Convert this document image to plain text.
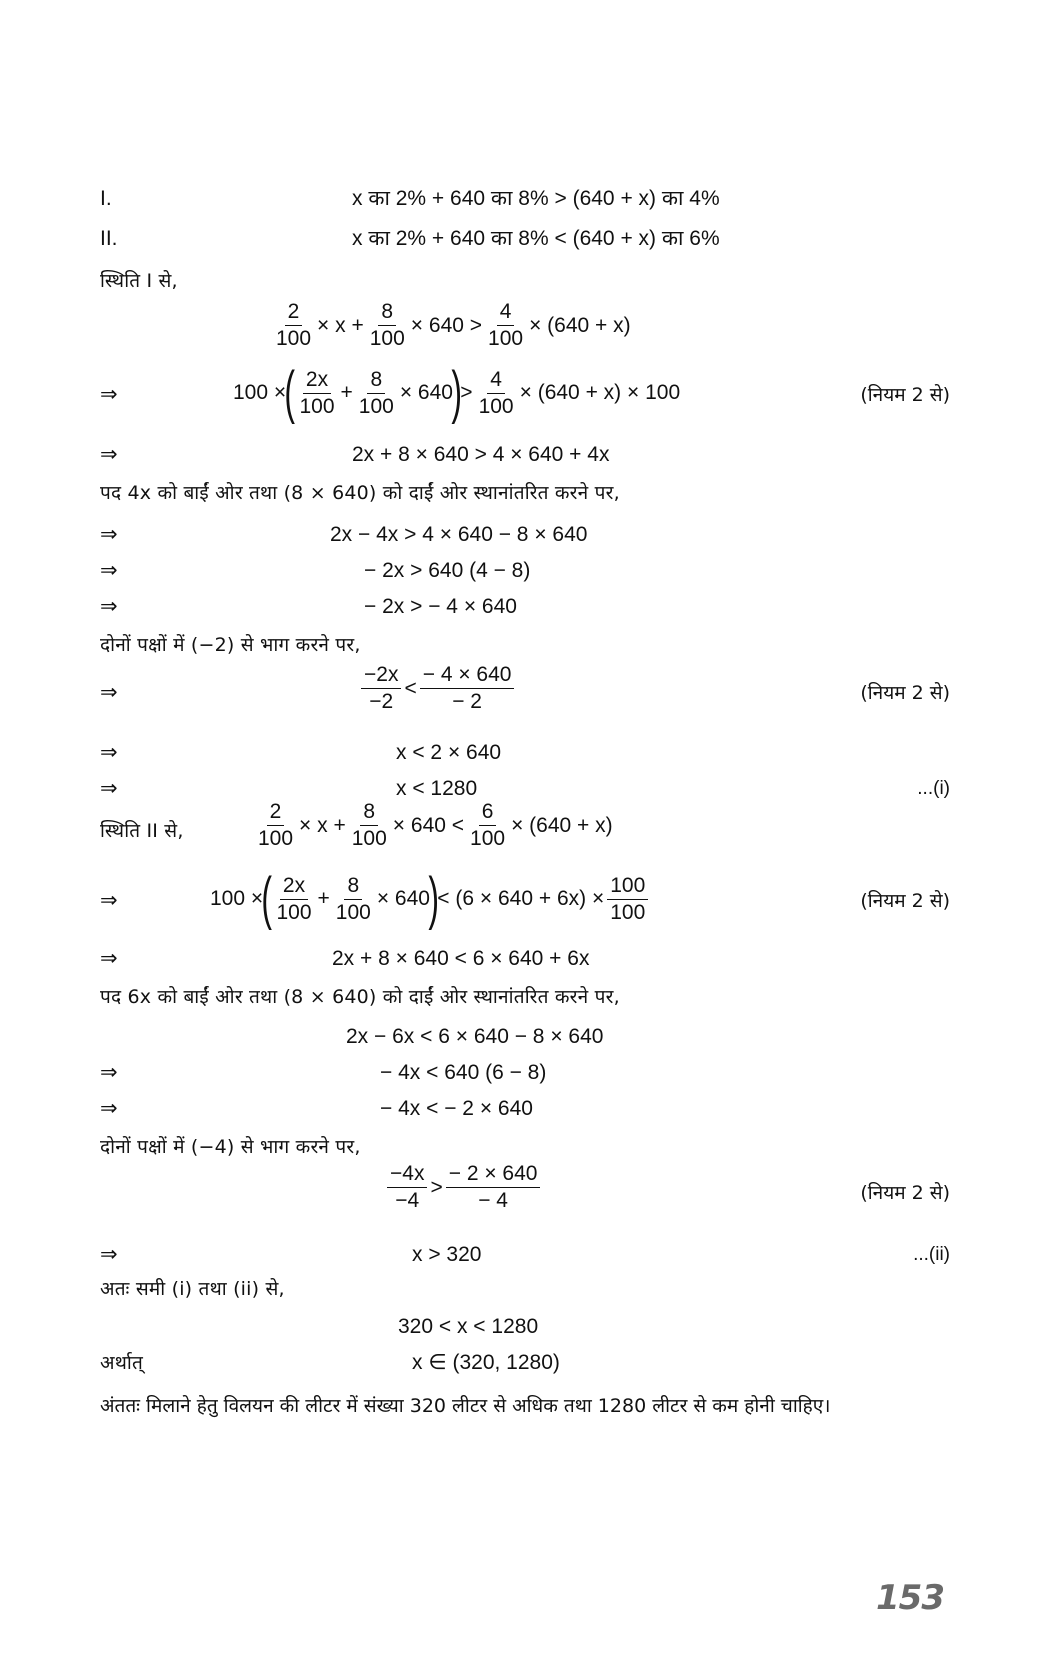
I.	x का 2% + 640 का 8% > (640 + x) का 4%
II.	x का 2% + 640 का 8% < (640 + x) का 6%
स्थिति I से,
$\frac{2}{100} \times x + \frac{8}{100} \times 640 > \frac{4}{100} \times (640 + x)$
⇒	100 ×
( $\frac{2x}{100} + \frac{8}{100} \times 640$
)
> $\frac{4}{100} \times (640 + x) \times 100$	(नियम 2 से)
⇒	2x + 8 × 640 > 4 × 640 + 4x
पद 4x को बाईं ओर तथा (8 × 640) को दाईं ओर स्थानांतरित करने पर,
⇒	2x − 4x > 4 × 640 − 8 × 640
⇒	− 2x > 640 (4 − 8)
⇒	− 2x > − 4 × 640
दोनों पक्षों में (−2) से भाग करने पर,
⇒	$\frac{-2x}{-2} < \frac{- 4 \times 640}{- 2}$	(नियम 2 से)
⇒	x < 2 × 640
⇒	x < 1280	...(i)
स्थिति II से,	$\frac{2}{100} \times x + \frac{8}{100} \times 640 < \frac{6}{100} \times (640 + x)$
⇒	100 ×
( $\frac{2x}{100} + \frac{8}{100} \times 640$
)
< $(6 \times 640 + 6x) \times \frac{100}{100}$	(नियम 2 से)
⇒	2x + 8 × 640 < 6 × 640 + 6x
पद 6x को बाईं ओर तथा (8 × 640) को दाईं ओर स्थानांतरित करने पर,
2x − 6x < 6 × 640 − 8 × 640
⇒	− 4x < 640 (6 − 8)
⇒	− 4x < − 2 × 640
दोनों पक्षों में (−4) से भाग करने पर,
$\frac{-4x}{-4} > \frac{- 2 \times 640}{- 4}$	(नियम 2 से)
⇒	x > 320	...(ii)
अतः समी (i) तथा (ii) से,
320 < x < 1280
अर्थात्	x ∈ (320, 1280)
अंततः मिलाने हेतु विलयन की लीटर में संख्या 320 लीटर से अधिक तथा 1280 लीटर से कम होनी चाहिए।
153
